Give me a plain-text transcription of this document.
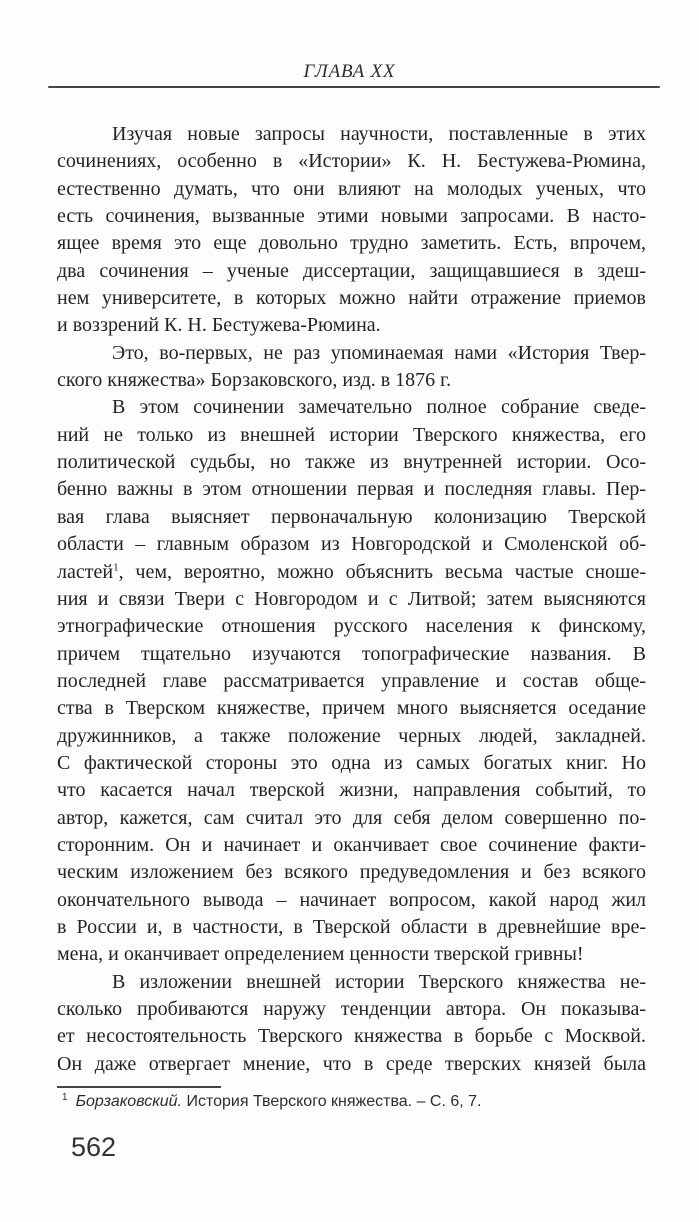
ГЛАВА XX
Изучая новые запросы научности, поставленные в этих
сочинениях, особенно в «Истории» К. Н. Бестужева-Рюмина,
естественно думать, что они влияют на молодых ученых, что
есть сочинения, вызванные этими новыми запросами. В насто-
ящее время это еще довольно трудно заметить. Есть, впрочем,
два сочинения – ученые диссертации, защищавшиеся в здеш-
нем университете, в которых можно найти отражение приемов
и воззрений К. Н. Бестужева-Рюмина.
Это, во-первых, не раз упоминаемая нами «История Твер-
ского княжества» Борзаковского, изд. в 1876 г.
В этом сочинении замечательно полное собрание сведе-
ний не только из внешней истории Тверского княжества, его
политической судьбы, но также из внутренней истории. Осо-
бенно важны в этом отношении первая и последняя главы. Пер-
вая глава выясняет первоначальную колонизацию Тверской
области – главным образом из Новгородской и Смоленской об-
ластей$^1$, чем, вероятно, можно объяснить весьма частые сноше-
ния и связи Твери с Новгородом и с Литвой; затем выясняются
этнографические отношения русского населения к финскому,
причем тщательно изучаются топографические названия. В
последней главе рассматривается управление и состав обще-
ства в Тверском княжестве, причем много выясняется оседание
дружинников, а также положение черных людей, закладней.
С фактической стороны это одна из самых богатых книг. Но
что касается начал тверской жизни, направления событий, то
автор, кажется, сам считал это для себя делом совершенно по-
сторонним. Он и начинает и оканчивает свое сочинение факти-
ческим изложением без всякого предуведомления и без всякого
окончательного вывода – начинает вопросом, какой народ жил
в России и, в частности, в Тверской области в древнейшие вре-
мена, и оканчивает определением ценности тверской гривны!
В изложении внешней истории Тверского княжества не-
сколько пробиваются наружу тенденции автора. Он показыва-
ет несостоятельность Тверского княжества в борьбе с Москвой.
Он даже отвергает мнение, что в среде тверских князей была
$^1$ Борзаковский. История Тверского княжества. – С. 6, 7.
562
